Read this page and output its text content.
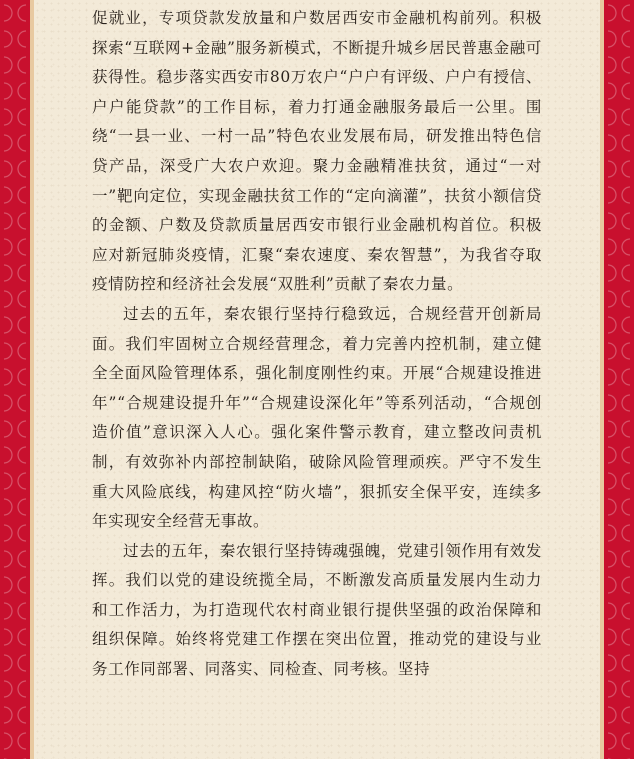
促就业，专项贷款发放量和户数居西安市金融机构前列。积极探索“互联网+金融”服务新模式，不断提升城乡居民普惠金融可获得性。稳步落实西安市80万农户“户户有评级、户户有授信、户户能贷款”的工作目标，着力打通金融服务最后一公里。围绕“一县一业、一村一品”特色农业发展布局，研发推出特色信贷产品，深受广大农户欢迎。聚力金融精准扶贫，通过“一对一”靶向定位，实现金融扶贫工作的“定向滴灌”，扶贫小额信贷的金额、户数及贷款质量居西安市银行业金融机构首位。积极应对新冠肺炎疫情，汇聚“秦农速度、秦农智慧”，为我省夺取疫情防控和经济社会发展“双胜利”贡献了秦农力量。

过去的五年，秦农银行坚持行稳致远，合规经营开创新局面。我们牢固树立合规经营理念，着力完善内控机制，建立健全全面风险管理体系，强化制度刚性约束。开展“合规建设推进年”“合规建设提升年”“合规建设深化年”等系列活动，“合规创造价值”意识深入人心。强化案件警示教育，建立整改问责机制，有效弥补内部控制缺陷，破除风险管理顽疾。严守不发生重大风险底线，构建风控“防火墙”，狠抓安全保平安，连续多年实现安全经营无事故。

过去的五年，秦农银行坚持铸魂强魄，党建引领作用有效发挥。我们以党的建设统揽全局，不断激发高质量发展内生动力和工作活力，为打造现代农村商业银行提供坚强的政治保障和组织保障。始终将党建工作摆在突出位置，推动党的建设与业务工作同部署、同落实、同检查、同考核。坚持
